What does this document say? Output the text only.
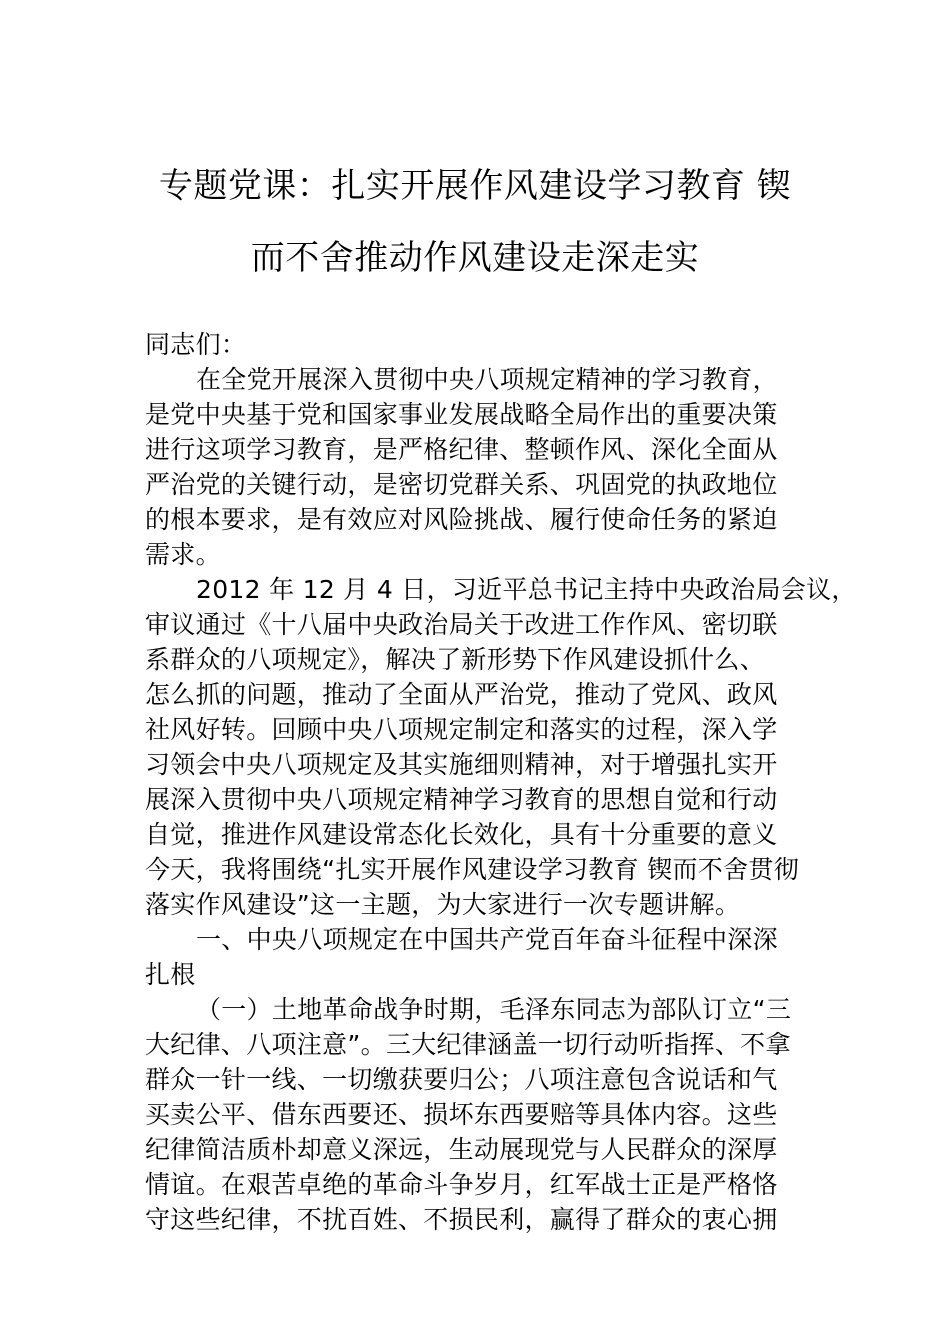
专题党课：扎实开展作风建设学习教育 锲
而不舍推动作风建设走深走实
同志们：
在全党开展深入贯彻中央八项规定精神的学习教育，
是党中央基于党和国家事业发展战略全局作出的重要决策
进行这项学习教育，是严格纪律、整顿作风、深化全面从
严治党的关键行动，是密切党群关系、巩固党的执政地位
的根本要求，是有效应对风险挑战、履行使命任务的紧迫
需求。
2012 年 12 月 4 日，习近平总书记主持中央政治局会议，
审议通过《十八届中央政治局关于改进工作作风、密切联
系群众的八项规定》，解决了新形势下作风建设抓什么、
怎么抓的问题，推动了全面从严治党，推动了党风、政风
社风好转。回顾中央八项规定制定和落实的过程，深入学
习领会中央八项规定及其实施细则精神，对于增强扎实开
展深入贯彻中央八项规定精神学习教育的思想自觉和行动
自觉，推进作风建设常态化长效化，具有十分重要的意义
今天，我将围绕“扎实开展作风建设学习教育 锲而不舍贯彻
落实作风建设”这一主题，为大家进行一次专题讲解。
一、中央八项规定在中国共产党百年奋斗征程中深深
扎根
（一）土地革命战争时期，毛泽东同志为部队订立“三
大纪律、八项注意”。三大纪律涵盖一切行动听指挥、不拿
群众一针一线、一切缴获要归公；八项注意包含说话和气
买卖公平、借东西要还、损坏东西要赔等具体内容。这些
纪律简洁质朴却意义深远，生动展现党与人民群众的深厚
情谊。在艰苦卓绝的革命斗争岁月，红军战士正是严格恪
守这些纪律，不扰百姓、不损民利，赢得了群众的衷心拥
